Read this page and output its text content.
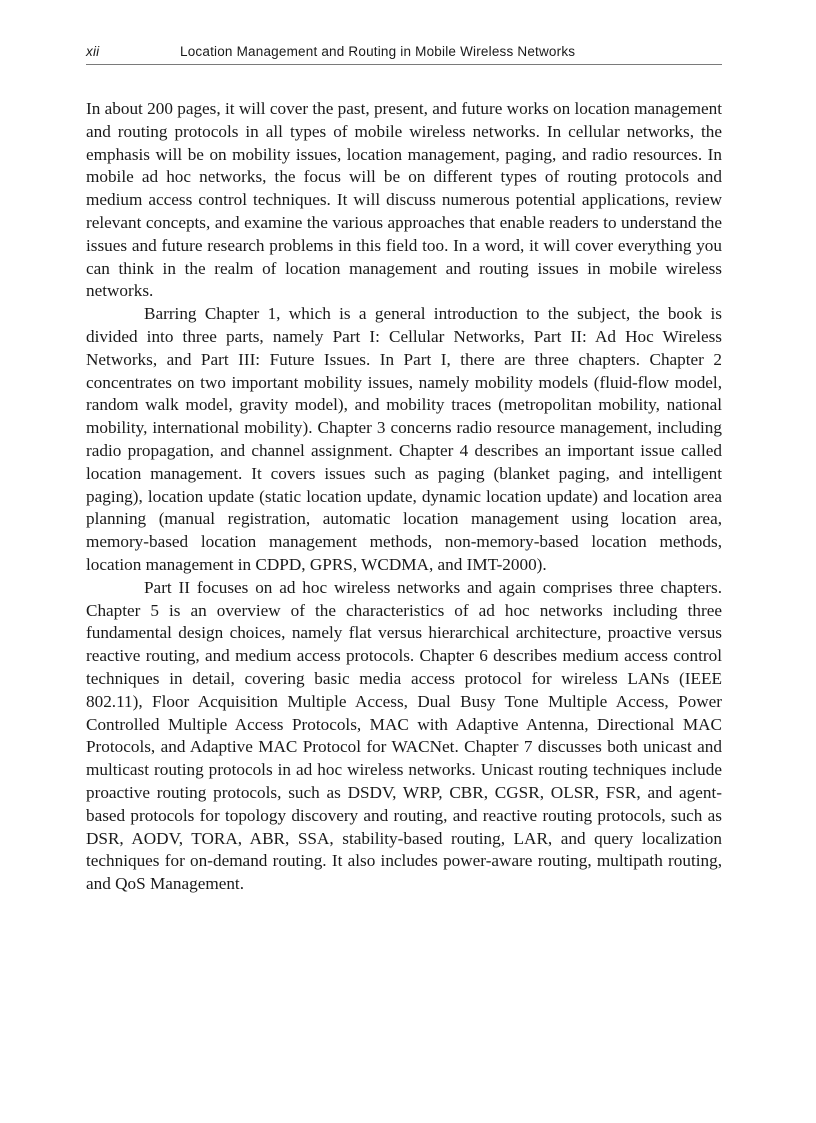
xii	Location Management and Routing in Mobile Wireless Networks

In about 200 pages, it will cover the past, present, and future works on location management and routing protocols in all types of mobile wireless networks. In cellular networks, the emphasis will be on mobility issues, location management, paging, and radio resources. In mobile ad hoc networks, the focus will be on different types of routing protocols and medium access control techniques. It will discuss numerous potential applications, review relevant concepts, and examine the various approaches that enable readers to understand the issues and future research problems in this field too. In a word, it will cover everything you can think in the realm of location management and routing issues in mobile wireless networks.

Barring Chapter 1, which is a general introduction to the subject, the book is divided into three parts, namely Part I: Cellular Networks, Part II: Ad Hoc Wireless Networks, and Part III: Future Issues. In Part I, there are three chapters. Chapter 2 concentrates on two important mobility issues, namely mobility models (fluid-flow model, random walk model, gravity model), and mobility traces (metropolitan mobility, national mobility, international mobility). Chapter 3 concerns radio resource management, including radio propagation, and channel assignment. Chapter 4 describes an important issue called location management. It covers issues such as paging (blanket paging, and intelligent paging), location update (static location update, dynamic location update) and location area planning (manual registration, automatic location management using location area, memory-based location management methods, non-memory-based location methods, location management in CDPD, GPRS, WCDMA, and IMT-2000).

Part II focuses on ad hoc wireless networks and again comprises three chapters. Chapter 5 is an overview of the characteristics of ad hoc networks including three fundamental design choices, namely flat versus hierarchical architecture, proactive versus reactive routing, and medium access protocols. Chapter 6 describes medium access control techniques in detail, covering basic media access protocol for wireless LANs (IEEE 802.11), Floor Acquisition Multiple Access, Dual Busy Tone Multiple Access, Power Controlled Multiple Access Protocols, MAC with Adaptive Antenna, Directional MAC Protocols, and Adaptive MAC Protocol for WACNet. Chapter 7 discusses both unicast and multicast routing protocols in ad hoc wireless networks. Unicast routing techniques include proactive routing protocols, such as DSDV, WRP, CBR, CGSR, OLSR, FSR, and agent-based protocols for topology discovery and routing, and reactive routing protocols, such as DSR, AODV, TORA, ABR, SSA, stability-based routing, LAR, and query localization techniques for on-demand routing. It also includes power-aware routing, multipath routing, and QoS Management.
